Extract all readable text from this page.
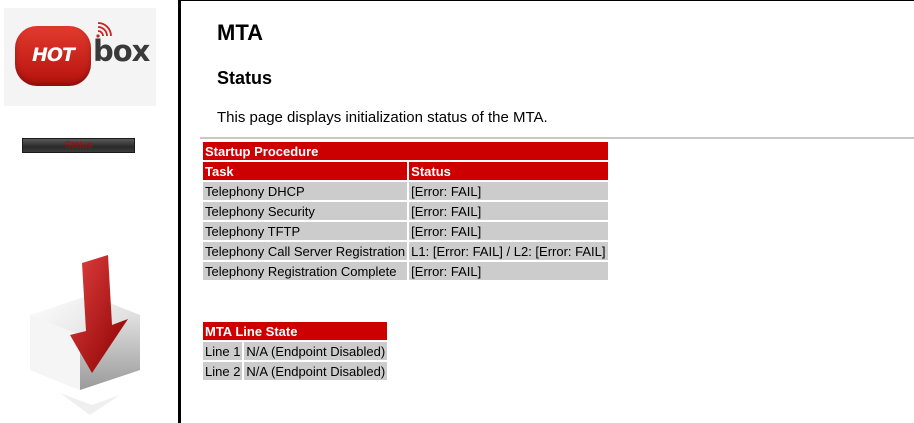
HOT box
Status
MTA
Status

This page displays initialization status of the MTA.

Startup Procedure	
Task	Status
Telephony DHCP	[Error: FAIL]
Telephony Security	[Error: FAIL]
Telephony TFTP	[Error: FAIL]
Telephony Call Server Registration	L1: [Error: FAIL] / L2: [Error: FAIL]
Telephony Registration Complete	[Error: FAIL]
MTA Line State	
Line 1	N/A (Endpoint Disabled)
Line 2	N/A (Endpoint Disabled)
